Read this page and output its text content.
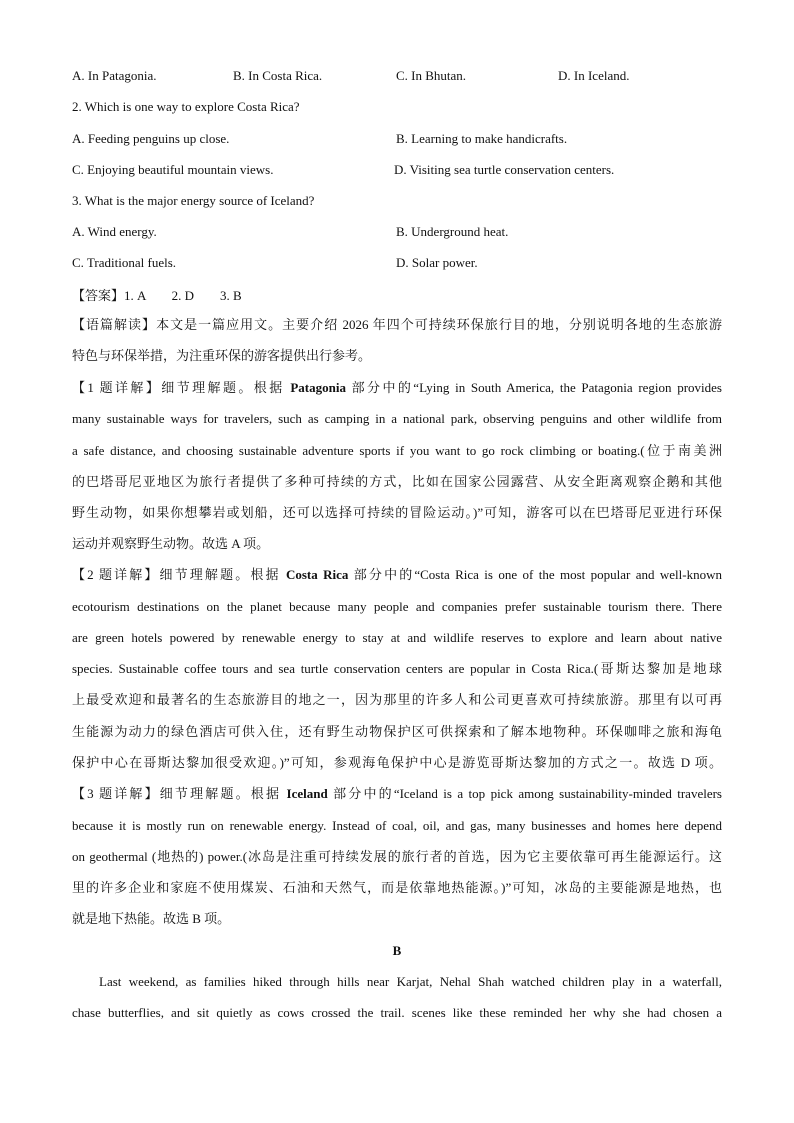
A. In Patagonia.	B. In Costa Rica.	C. In Bhutan.	D. In Iceland.
2. Which is one way to explore Costa Rica?
A. Feeding penguins up close.	B. Learning to make handicrafts.
C. Enjoying beautiful mountain views.	D. Visiting sea turtle conservation centers.
3. What is the major energy source of Iceland?
A. Wind energy.	B. Underground heat.
C. Traditional fuels.	D. Solar power.
【答案】1. A        2. D        3. B
【语篇解读】本文是一篇应用文。主要介绍 2026 年四个可持续环保旅行目的地，分别说明各地的生态旅游
特色与环保举措，为注重环保的游客提供出行参考。
【1 题详解】细节理解题。根据 Patagonia 部分中的“Lying in South America, the Patagonia region provides
many sustainable ways for travelers, such as camping in a national park, observing penguins and other wildlife from
a safe distance, and choosing sustainable adventure sports if you want to go rock climbing or boating.(位于南美洲
的巴塔哥尼亚地区为旅行者提供了多种可持续的方式，比如在国家公园露营、从安全距离观察企鹅和其他
野生动物，如果你想攀岩或划船，还可以选择可持续的冒险运动。)”可知，游客可以在巴塔哥尼亚进行环保
运动并观察野生动物。故选 A 项。
【2 题详解】细节理解题。根据 Costa Rica 部分中的“Costa Rica is one of the most popular and well-known
ecotourism destinations on the planet because many people and companies prefer sustainable tourism there. There
are green hotels powered by renewable energy to stay at and wildlife reserves to explore and learn about native
species. Sustainable coffee tours and sea turtle conservation centers are popular in Costa Rica.(哥斯达黎加是地球
上最受欢迎和最著名的生态旅游目的地之一，因为那里的许多人和公司更喜欢可持续旅游。那里有以可再
生能源为动力的绿色酒店可供入住，还有野生动物保护区可供探索和了解本地物种。环保咖啡之旅和海龟
保护中心在哥斯达黎加很受欢迎。)”可知，参观海龟保护中心是游览哥斯达黎加的方式之一。故选 D 项。
【3 题详解】细节理解题。根据 Iceland 部分中的“Iceland is a top pick among sustainability-minded travelers
because it is mostly run on renewable energy. Instead of coal, oil, and gas, many businesses and homes here depend
on geothermal (地热的) power.(冰岛是注重可持续发展的旅行者的首选，因为它主要依靠可再生能源运行。这
里的许多企业和家庭不使用煤炭、石油和天然气，而是依靠地热能源。)”可知，冰岛的主要能源是地热，也
就是地下热能。故选 B 项。
B
Last weekend, as families hiked through hills near Karjat, Nehal Shah watched children play in a waterfall,
chase butterflies, and sit quietly as cows crossed the trail. scenes like these reminded her why she had chosen a
